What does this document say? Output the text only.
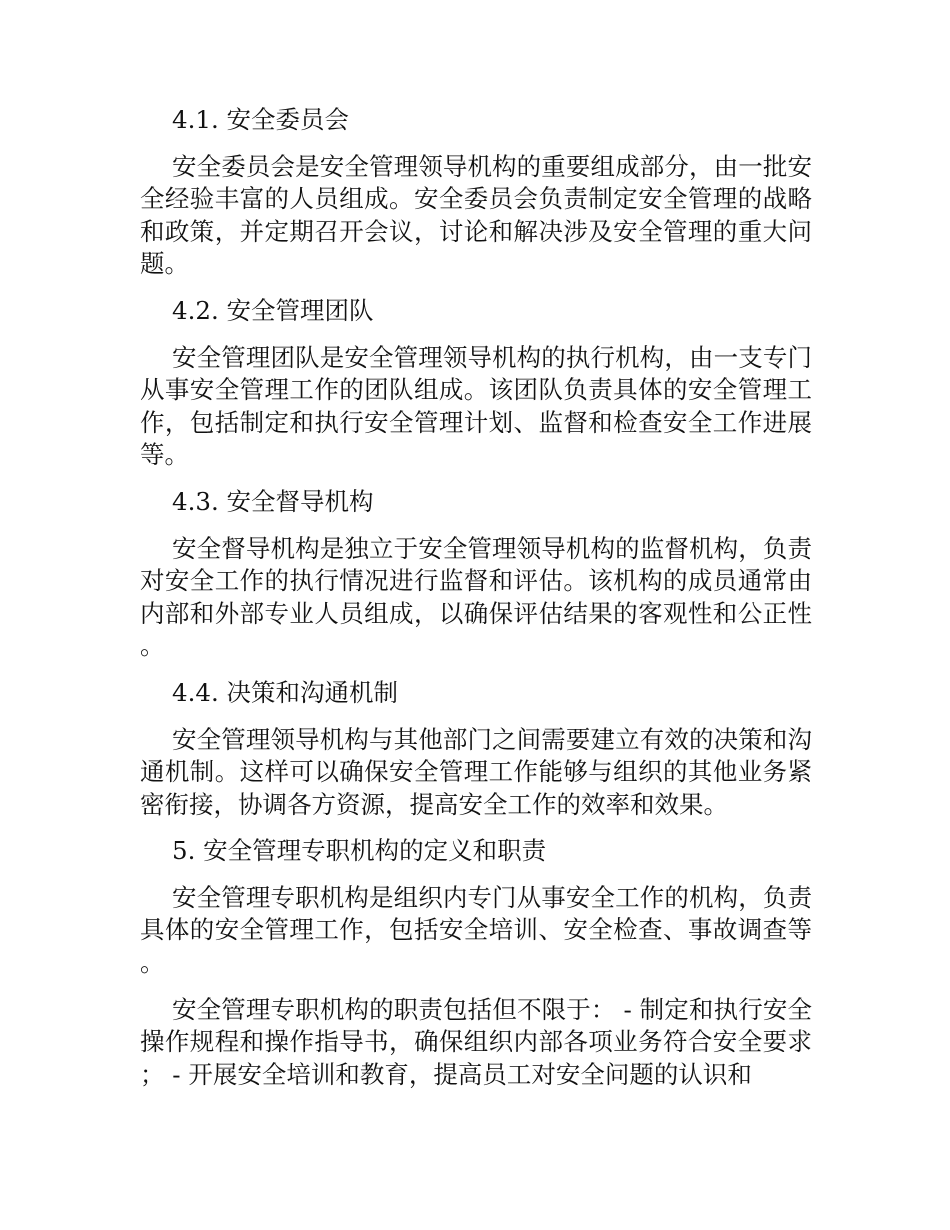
4.1. 安全委员会

安全委员会是安全管理领导机构的重要组成部分，由一批安全经验丰富的人员组成。安全委员会负责制定安全管理的战略和政策，并定期召开会议，讨论和解决涉及安全管理的重大问题。

4.2. 安全管理团队

安全管理团队是安全管理领导机构的执行机构，由一支专门从事安全管理工作的团队组成。该团队负责具体的安全管理工作，包括制定和执行安全管理计划、监督和检查安全工作进展等。

4.3. 安全督导机构

安全督导机构是独立于安全管理领导机构的监督机构，负责对安全工作的执行情况进行监督和评估。该机构的成员通常由内部和外部专业人员组成，以确保评估结果的客观性和公正性。

4.4. 决策和沟通机制

安全管理领导机构与其他部门之间需要建立有效的决策和沟通机制。这样可以确保安全管理工作能够与组织的其他业务紧密衔接，协调各方资源，提高安全工作的效率和效果。

5. 安全管理专职机构的定义和职责

安全管理专职机构是组织内专门从事安全工作的机构，负责具体的安全管理工作，包括安全培训、安全检查、事故调查等。

安全管理专职机构的职责包括但不限于： - 制定和执行安全操作规程和操作指导书，确保组织内部各项业务符合安全要求； - 开展安全培训和教育，提高员工对安全问题的认识和
